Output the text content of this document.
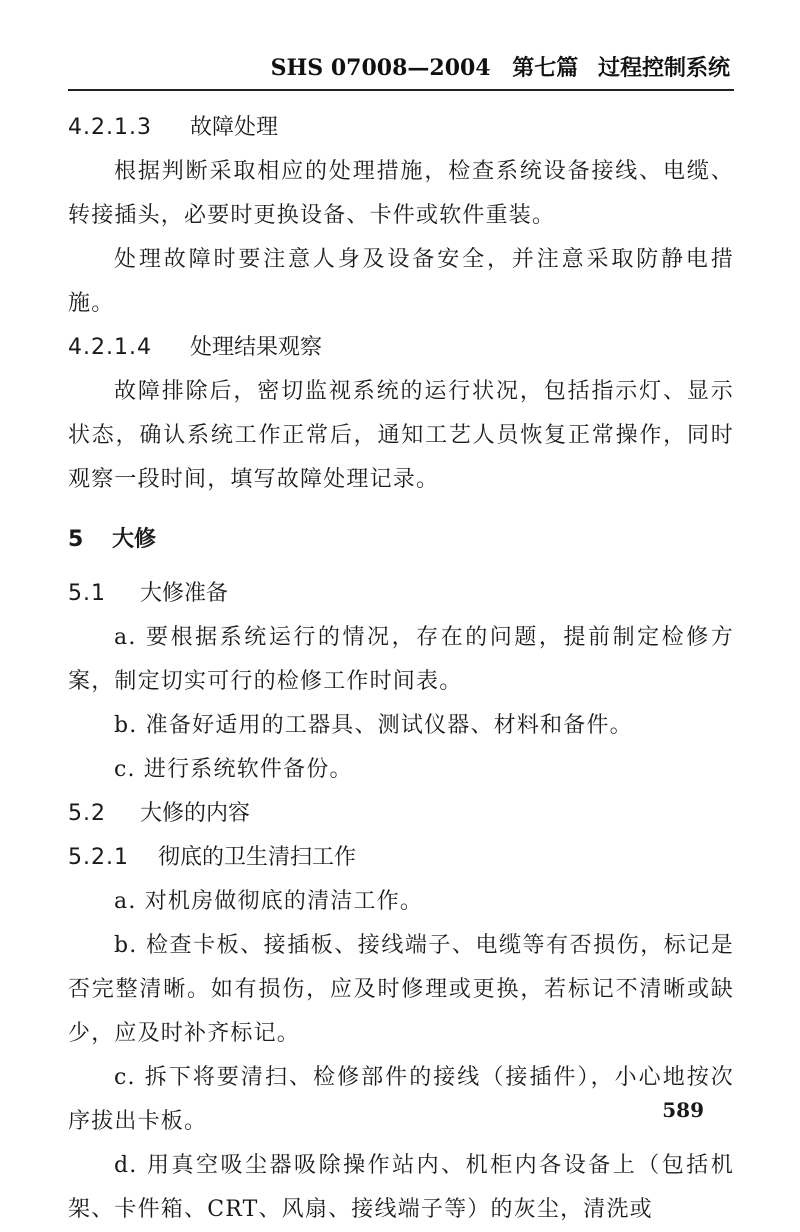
SHS 07008—2004 第七篇 过程控制系统
4.2.1.3 故障处理

根据判断采取相应的处理措施，检查系统设备接线、电缆、转接插头，必要时更换设备、卡件或软件重装。

处理故障时要注意人身及设备安全，并注意采取防静电措施。

4.2.1.4 处理结果观察

故障排除后，密切监视系统的运行状况，包括指示灯、显示状态，确认系统工作正常后，通知工艺人员恢复正常操作，同时观察一段时间，填写故障处理记录。

5 大修
5.1 大修准备

a. 要根据系统运行的情况，存在的问题，提前制定检修方案，制定切实可行的检修工作时间表。

b. 准备好适用的工器具、测试仪器、材料和备件。

c. 进行系统软件备份。

5.2 大修的内容
5.2.1 彻底的卫生清扫工作

a. 对机房做彻底的清洁工作。

b. 检查卡板、接插板、接线端子、电缆等有否损伤，标记是否完整清晰。如有损伤，应及时修理或更换，若标记不清晰或缺少，应及时补齐标记。

c. 拆下将要清扫、检修部件的接线（接插件），小心地按次序拔出卡板。

d. 用真空吸尘器吸除操作站内、机柜内各设备上（包括机架、卡件箱、CRT、风扇、接线端子等）的灰尘，清洗或

589
